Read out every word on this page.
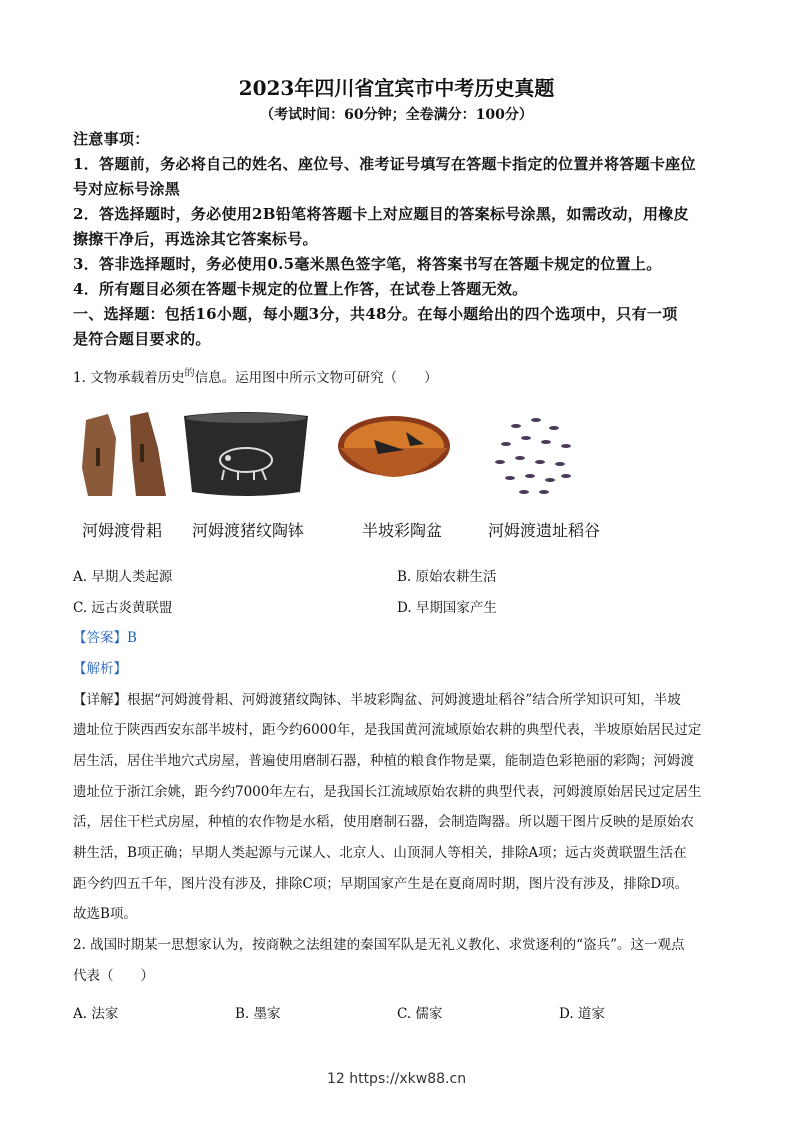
2023年四川省宜宾市中考历史真题
（考试时间：60分钟；全卷满分：100分）
注意事项：
1．答题前，务必将自己的姓名、座位号、准考证号填写在答题卡指定的位置并将答题卡座位
号对应标号涂黑
2．答选择题时，务必使用2B铅笔将答题卡上对应题目的答案标号涂黑，如需改动，用橡皮
擦擦干净后，再选涂其它答案标号。
3．答非选择题时，务必使用0.5毫米黑色签字笔，将答案书写在答题卡规定的位置上。
4．所有题目必须在答题卡规定的位置上作答，在试卷上答题无效。
一、选择题：包括16小题，每小题3分，共48分。在每小题给出的四个选项中，只有一项
是符合题目要求的。
1. 文物承载着历史$^的$信息。运用图中所示文物可研究（　　）
河姆渡骨耜 河姆渡猪纹陶钵	半坡彩陶盆	河姆渡遗址稻谷
A. 早期人类起源	B. 原始农耕生活
C. 远古炎黄联盟	D. 早期国家产生
【答案】B
【解析】
【详解】根据“河姆渡骨耜、河姆渡猪纹陶钵、半坡彩陶盆、河姆渡遗址稻谷”结合所学知识可知，半坡
遗址位于陕西西安东部半坡村，距今约6000年，是我国黄河流域原始农耕的典型代表，半坡原始居民过定
居生活，居住半地穴式房屋，普遍使用磨制石器，种植的粮食作物是粟，能制造色彩艳丽的彩陶；河姆渡
遗址位于浙江余姚，距今约7000年左右，是我国长江流域原始农耕的典型代表，河姆渡原始居民过定居生
活，居住干栏式房屋，种植的农作物是水稻，使用磨制石器，会制造陶器。所以题干图片反映的是原始农
耕生活，B项正确；早期人类起源与元谋人、北京人、山顶洞人等相关，排除A项；远古炎黄联盟生活在
距今约四五千年，图片没有涉及，排除C项；早期国家产生是在夏商周时期，图片没有涉及，排除D项。
故选B项。
2. 战国时期某一思想家认为，按商鞅之法组建的秦国军队是无礼义教化、求赏逐利的“盗兵”。这一观点
代表（　　）
A. 法家	B. 墨家	C. 儒家	D. 道家
12 https://xkw88.cn
